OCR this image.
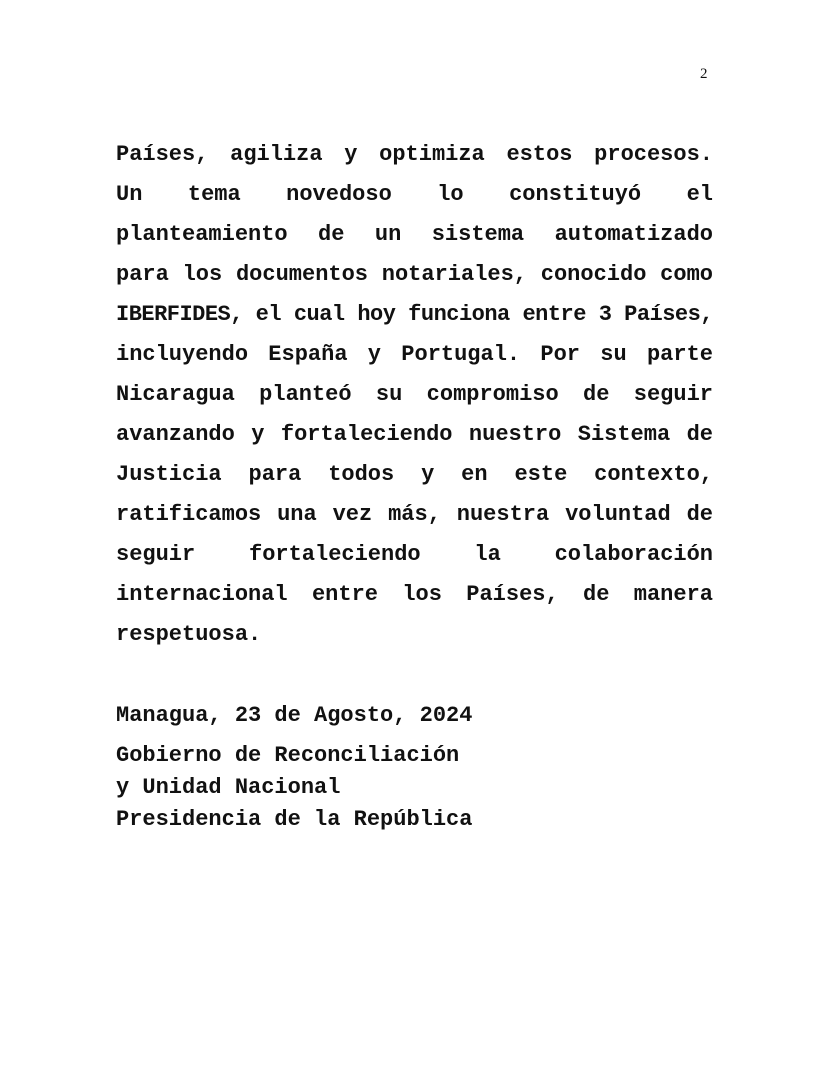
2
Países, agiliza y optimiza estos procesos.
Un tema novedoso lo constituyó el
planteamiento de un sistema automatizado
para los documentos notariales, conocido como
IBERFIDES, el cual hoy funciona entre 3 Países,
incluyendo España y Portugal. Por su parte
Nicaragua planteó su compromiso de seguir
avanzando y fortaleciendo nuestro Sistema de
Justicia para todos y en este contexto,
ratificamos una vez más, nuestra voluntad de
seguir fortaleciendo la colaboración
internacional entre los Países, de manera
respetuosa.
Managua, 23 de Agosto, 2024
Gobierno de Reconciliación
y Unidad Nacional
Presidencia de la República
